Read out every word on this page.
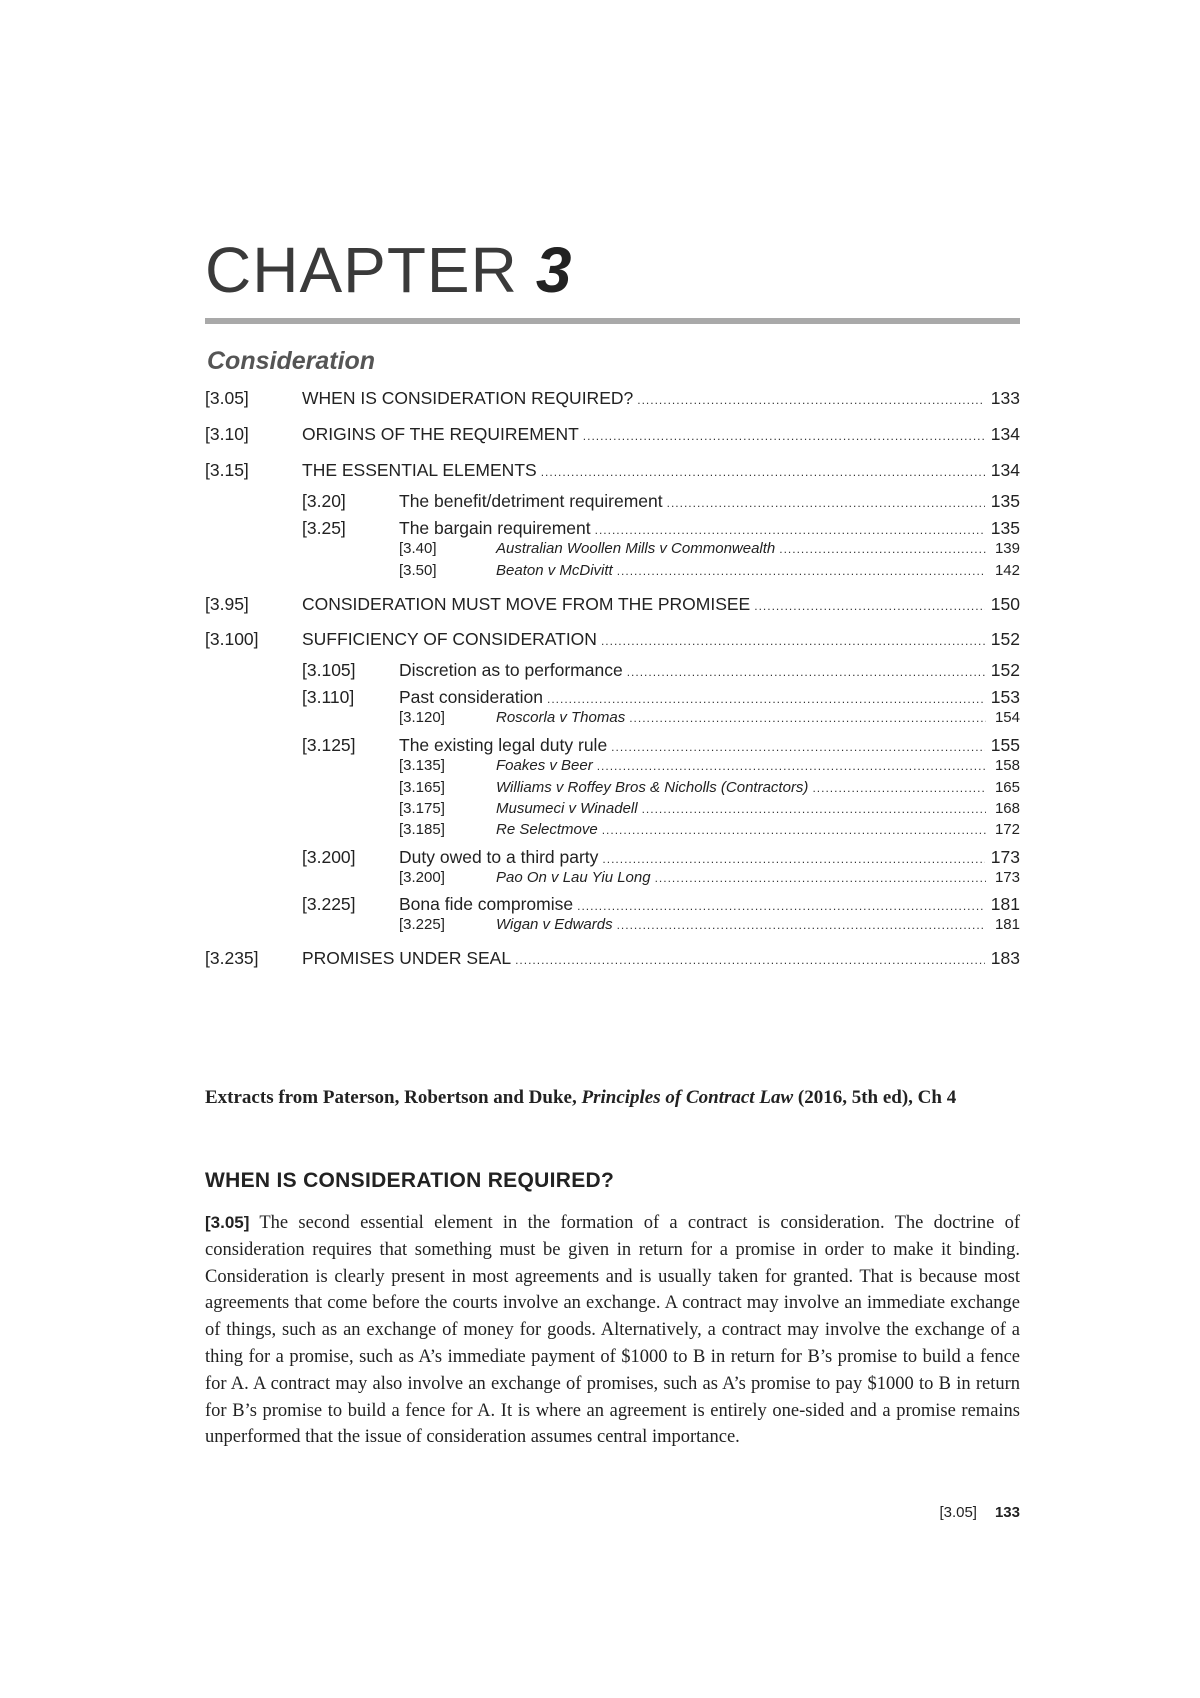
CHAPTER 3
Consideration
[3.05]	WHEN IS CONSIDERATION REQUIRED? .....	133
[3.10]	ORIGINS OF THE REQUIREMENT .....	134
[3.15]	THE ESSENTIAL ELEMENTS .....	134
[3.20]	The benefit/detriment requirement .....	135
[3.25]	The bargain requirement .....	135
[3.40]	Australian Woollen Mills v Commonwealth .....	139
[3.50]	Beaton v McDivitt .....	142
[3.95]	CONSIDERATION MUST MOVE FROM THE PROMISEE .....	150
[3.100]	SUFFICIENCY OF CONSIDERATION .....	152
[3.105]	Discretion as to performance .....	152
[3.110]	Past consideration .....	153
[3.120]	Roscorla v Thomas .....	154
[3.125]	The existing legal duty rule .....	155
[3.135]	Foakes v Beer .....	158
[3.165]	Williams v Roffey Bros & Nicholls (Contractors) .....	165
[3.175]	Musumeci v Winadell .....	168
[3.185]	Re Selectmove .....	172
[3.200]	Duty owed to a third party .....	173
[3.200]	Pao On v Lau Yiu Long .....	173
[3.225]	Bona fide compromise .....	181
[3.225]	Wigan v Edwards .....	181
[3.235]	PROMISES UNDER SEAL .....	183
Extracts from Paterson, Robertson and Duke, Principles of Contract Law (2016, 5th ed), Ch 4
WHEN IS CONSIDERATION REQUIRED?
[3.05] The second essential element in the formation of a contract is consideration. The doctrine of consideration requires that something must be given in return for a promise in order to make it binding. Consideration is clearly present in most agreements and is usually taken for granted. That is because most agreements that come before the courts involve an exchange. A contract may involve an immediate exchange of things, such as an exchange of money for goods. Alternatively, a contract may involve the exchange of a thing for a promise, such as A’s immediate payment of $1000 to B in return for B’s promise to build a fence for A. A contract may also involve an exchange of promises, such as A’s promise to pay $1000 to B in return for B’s promise to build a fence for A. It is where an agreement is entirely one-sided and a promise remains unperformed that the issue of consideration assumes central importance.
[3.05] 133
